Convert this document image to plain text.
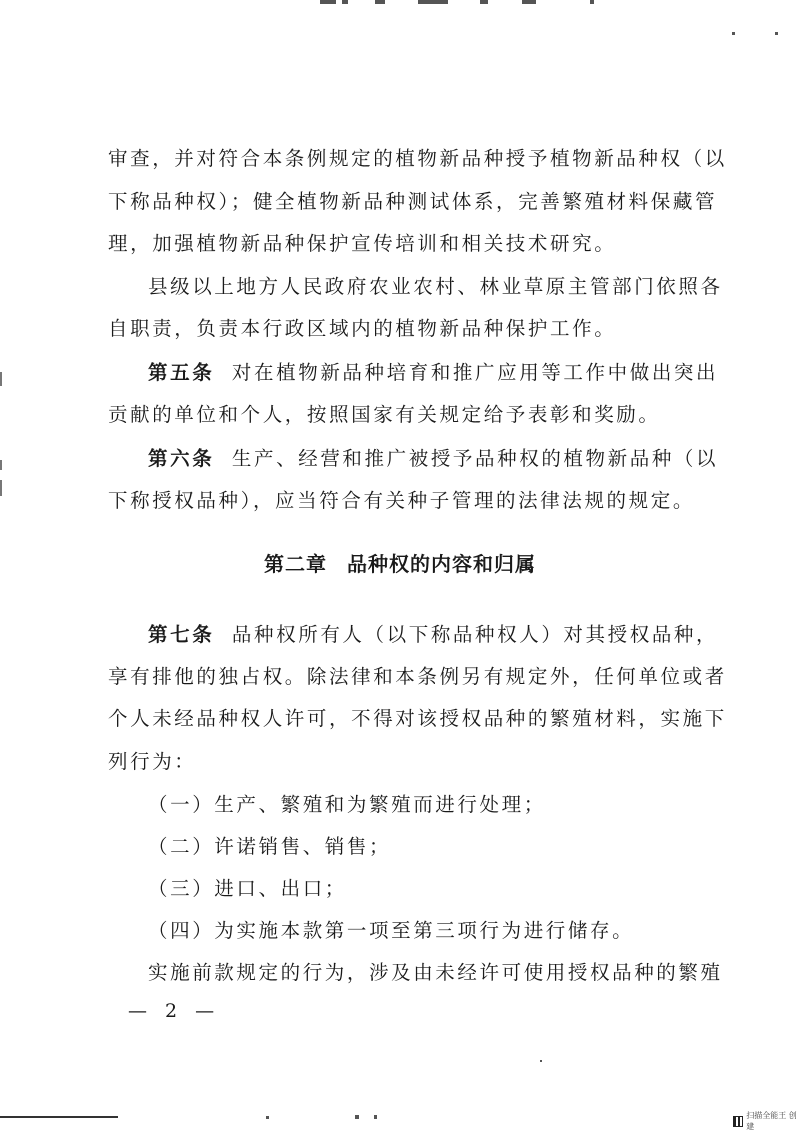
审查，并对符合本条例规定的植物新品种授予植物新品种权（以
下称品种权）；健全植物新品种测试体系，完善繁殖材料保藏管
理，加强植物新品种保护宣传培训和相关技术研究。
县级以上地方人民政府农业农村、林业草原主管部门依照各
自职责，负责本行政区域内的植物新品种保护工作。
第五条 对在植物新品种培育和推广应用等工作中做出突出
贡献的单位和个人，按照国家有关规定给予表彰和奖励。
第六条 生产、经营和推广被授予品种权的植物新品种（以
下称授权品种），应当符合有关种子管理的法律法规的规定。
第二章 品种权的内容和归属
第七条 品种权所有人（以下称品种权人）对其授权品种，
享有排他的独占权。除法律和本条例另有规定外，任何单位或者
个人未经品种权人许可，不得对该授权品种的繁殖材料，实施下
列行为：
（一）生产、繁殖和为繁殖而进行处理；
（二）许诺销售、销售；
（三）进口、出口；
（四）为实施本款第一项至第三项行为进行储存。
实施前款规定的行为，涉及由未经许可使用授权品种的繁殖
— 2 —
扫描全能王 创建
